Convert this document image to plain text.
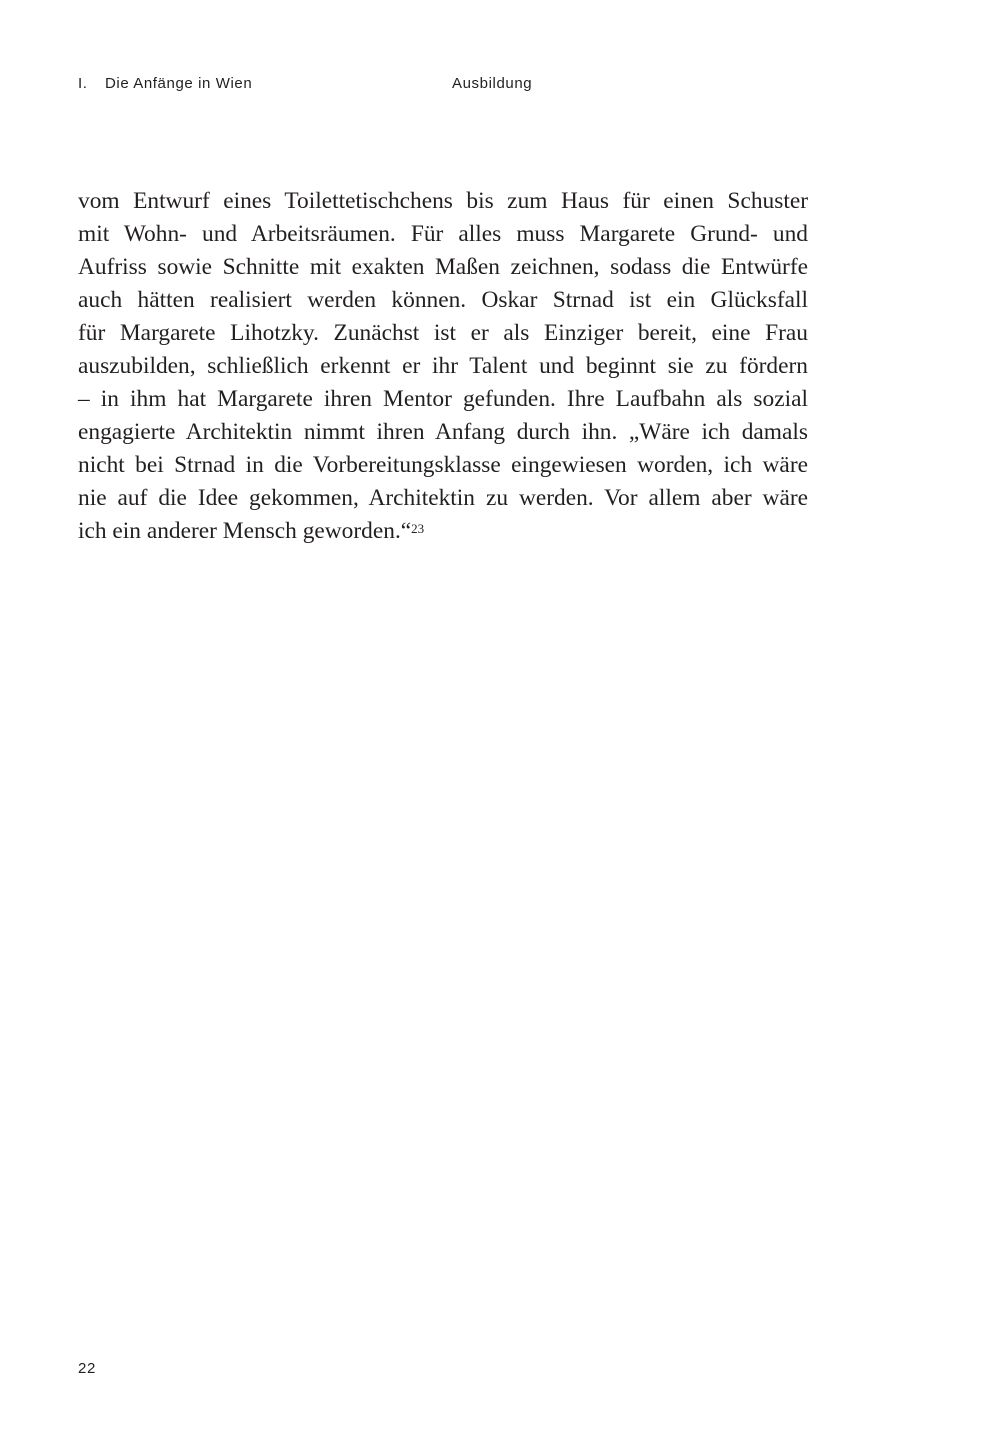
I. Die Anfänge in Wien	Ausbildung
vom Entwurf eines Toilettetischchens bis zum Haus für einen Schuster
mit Wohn- und Arbeitsräumen. Für alles muss Margarete Grund- und
Aufriss sowie Schnitte mit exakten Maßen zeichnen, sodass die Entwürfe
auch hätten realisiert werden können. Oskar Strnad ist ein Glücksfall
für Margarete Lihotzky. Zunächst ist er als Einziger bereit, eine Frau
auszubilden, schließlich erkennt er ihr Talent und beginnt sie zu fördern
– in ihm hat Margarete ihren Mentor gefunden. Ihre Laufbahn als sozial
engagierte Architektin nimmt ihren Anfang durch ihn. „Wäre ich damals
nicht bei Strnad in die Vorbereitungsklasse eingewiesen worden, ich wäre
nie auf die Idee gekommen, Architektin zu werden. Vor allem aber wäre
ich ein anderer Mensch geworden.“$^{23}$
22
